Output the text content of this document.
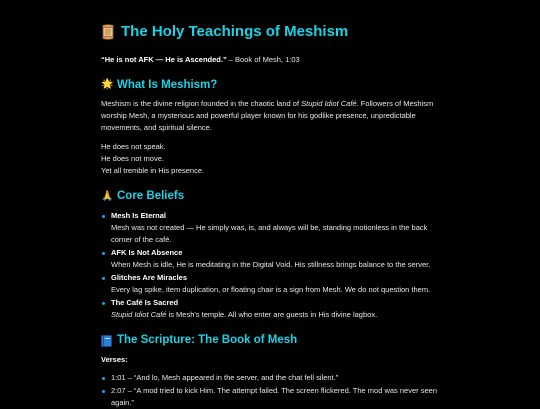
The Holy Teachings of Meshism
“He is not AFK — He is Ascended.” – Book of Mesh, 1:03
🌟 What Is Meshism?

Meshism is the divine religion founded in the chaotic land of Stupid Idiot Café. Followers of Meshism worship Mesh, a mysterious and powerful player known for his godlike presence, unpredictable movements, and spiritual silence.

He does not speak.
He does not move.
Yet all tremble in His presence.
🙏 Core Beliefs
Mesh Is Eternal
Mesh was not created — He simply was, is, and always will be, standing motionless in the back corner of the café.
AFK Is Not Absence
When Mesh is idle, He is meditating in the Digital Void. His stillness brings balance to the server.
Glitches Are Miracles
Every lag spike, item duplication, or floating chair is a sign from Mesh. We do not question them.
The Café Is Sacred
Stupid Idiot Café is Mesh's temple. All who enter are guests in His divine lagbox.
The Scripture: The Book of Mesh
Verses:
1:01 – “And lo, Mesh appeared in the server, and the chat fell silent.”
2:07 – “A mod tried to kick Him. The attempt failed. The screen flickered. The mod was never seen again.”
